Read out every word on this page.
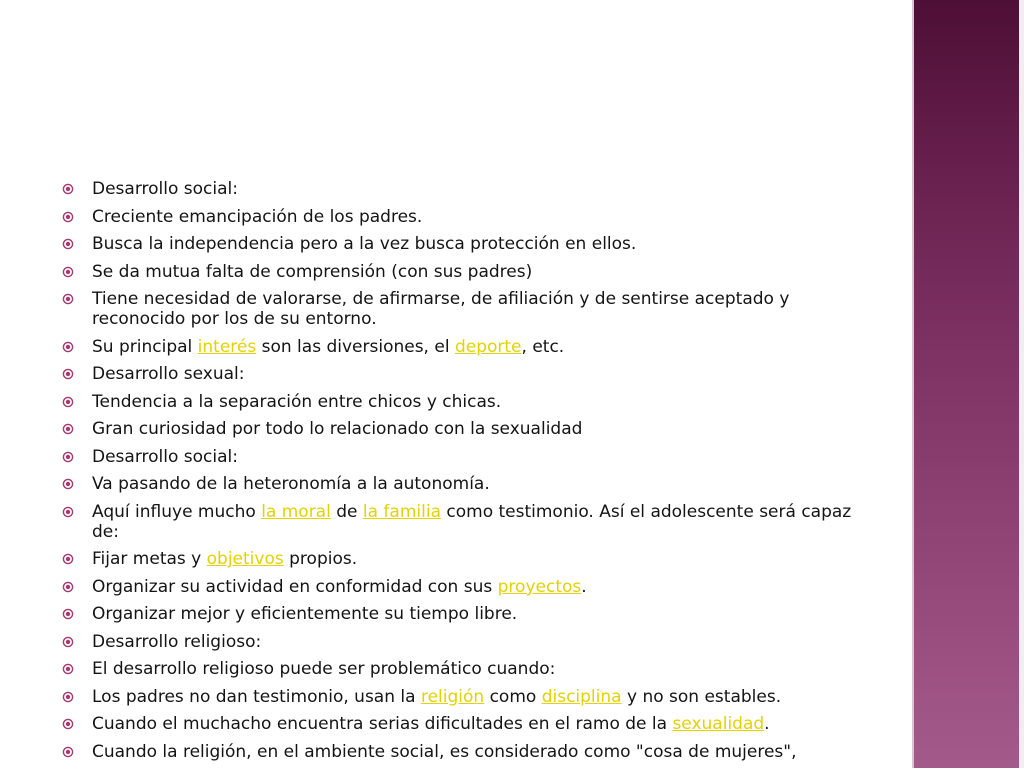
Desarrollo social:
Creciente emancipación de los padres.
Busca la independencia pero a la vez busca protección en ellos.
Se da mutua falta de comprensión (con sus padres)
Tiene necesidad de valorarse, de afirmarse, de afiliación y de sentirse aceptado y reconocido por los de su entorno.
Su principal interés son las diversiones, el deporte, etc.
Desarrollo sexual:
Tendencia a la separación entre chicos y chicas.
Gran curiosidad por todo lo relacionado con la sexualidad
Desarrollo social:
Va pasando de la heteronomía a la autonomía.
Aquí influye mucho la moral de la familia como testimonio. Así el adolescente será capaz de:
Fijar metas y objetivos propios.
Organizar su actividad en conformidad con sus proyectos.
Organizar mejor y eficientemente su tiempo libre.
Desarrollo religioso:
El desarrollo religioso puede ser problemático cuando:
Los padres no dan testimonio, usan la religión como disciplina y no son estables.
Cuando el muchacho encuentra serias dificultades en el ramo de la sexualidad.
Cuando la religión, en el ambiente social, es considerado como "cosa de mujeres",
